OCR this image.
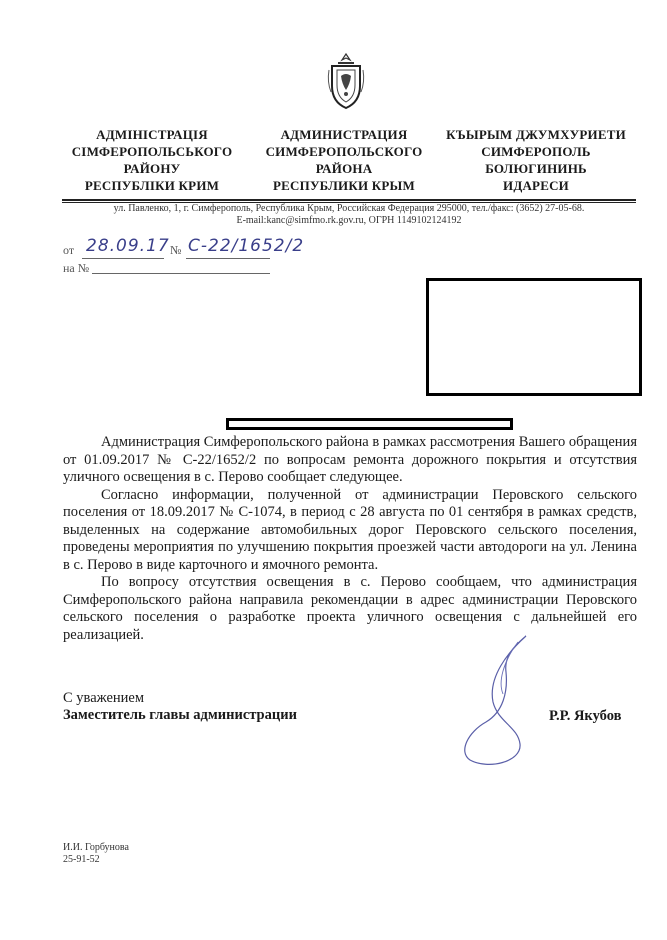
АДМІНІСТРАЦІЯ
СІМФЕРОПОЛЬСЬКОГО
РАЙОНУ
РЕСПУБЛІКИ КРИМ
АДМИНИСТРАЦИЯ
СИМФЕРОПОЛЬСКОГО
РАЙОНА
РЕСПУБЛИКИ КРЫМ
КЪЫРЫМ ДЖУМХУРИЕТИ
СИМФЕРОПОЛЬ
БОЛЮГИНИНЬ
ИДАРЕСИ
ул. Павленко, 1, г. Симферополь, Республика Крым, Российская Федерация 295000, тел./факс: (3652) 27-05-68.
E-mail:kanc@simfmo.rk.gov.ru, ОГРН 1149102124192
от 28.09.17 № С-22/1652/2
на №

Администрация Симферопольского района в рамках рассмотрения Вашего обращения от 01.09.2017 № С-22/1652/2 по вопросам ремонта дорожного покрытия и отсутствия уличного освещения в с. Перово сообщает следующее.

Согласно информации, полученной от администрации Перовского сельского поселения от 18.09.2017 № С-1074, в период с 28 августа по 01 сентября в рамках средств, выделенных на содержание автомобильных дорог Перовского сельского поселения, проведены мероприятия по улучшению покрытия проезжей части автодороги на ул. Ленина в с. Перово в виде карточного и ямочного ремонта.

По вопросу отсутствия освещения в с. Перово сообщаем, что администрация Симферопольского района направила рекомендации в адрес администрации Перовского сельского поселения о разработке проекта уличного освещения с дальнейшей его реализацией.

С уважением
Заместитель главы администрации	Р.Р. Якубов
И.И. Горбунова
25-91-52
